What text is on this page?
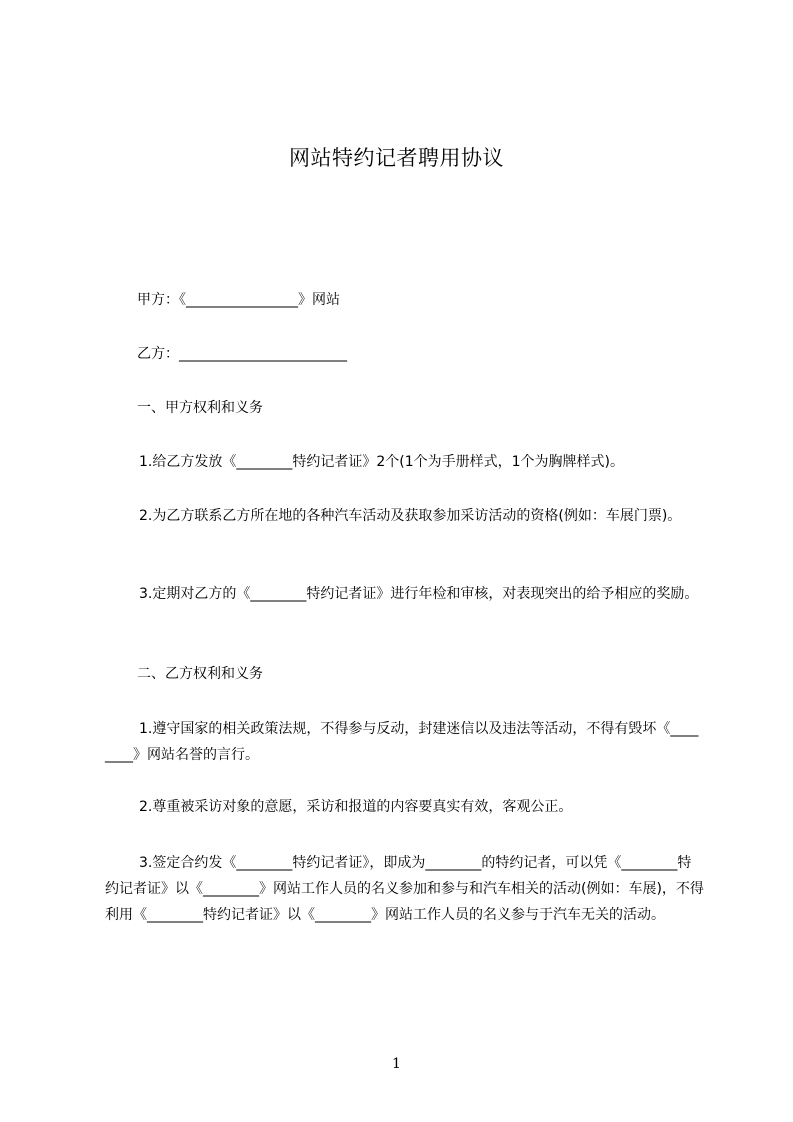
网站特约记者聘用协议
甲方：《________________》网站
乙方：________________________
一、甲方权利和义务
1.给乙方发放《________特约记者证》2个(1个为手册样式，1个为胸牌样式)。
2.为乙方联系乙方所在地的各种汽车活动及获取参加采访活动的资格(例如：车展门票)。
3.定期对乙方的《________特约记者证》进行年检和审核，对表现突出的给予相应的奖励。
二、乙方权利和义务
1.遵守国家的相关政策法规，不得参与反动，封建迷信以及违法等活动，不得有毁坏《________》网站名誉的言行。
2.尊重被采访对象的意愿，采访和报道的内容要真实有效，客观公正。
3.签定合约发《________特约记者证》，即成为________的特约记者，可以凭《________特约记者证》以《________》网站工作人员的名义参加和参与和汽车相关的活动(例如：车展)，不得利用《________特约记者证》以《________》网站工作人员的名义参与于汽车无关的活动。
1
